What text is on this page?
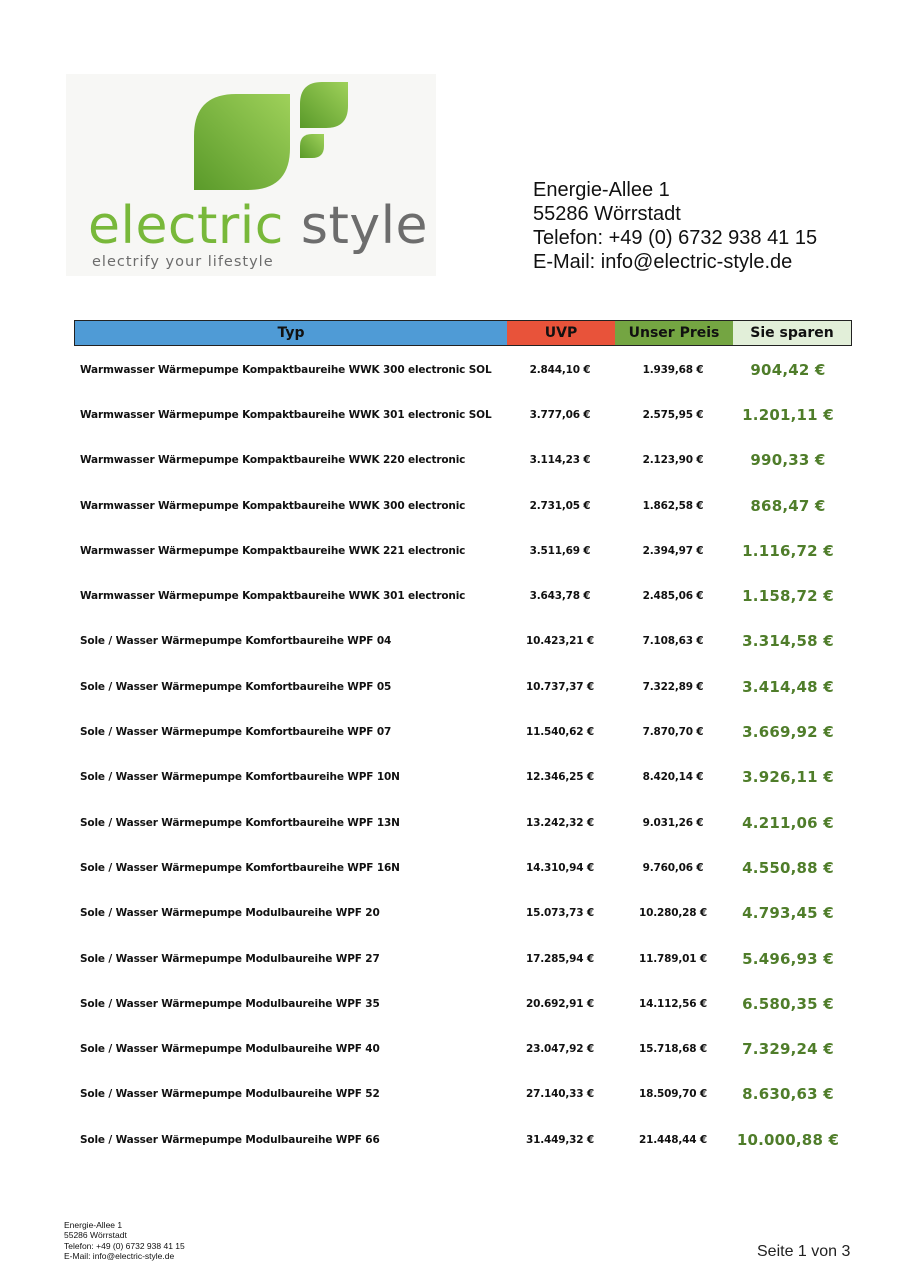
electric style
electrify your lifestyle
Energie-Allee 1
55286 Wörrstadt
Telefon: +49 (0) 6732 938 41 15
E-Mail: info@electric-style.de
Typ	UVP	Unser Preis	Sie sparen
Warmwasser Wärmepumpe Kompaktbaureihe WWK 300 electronic SOL	2.844,10 €	1.939,68 €	904,42 €
Warmwasser Wärmepumpe Kompaktbaureihe WWK 301 electronic SOL	3.777,06 €	2.575,95 €	1.201,11 €
Warmwasser Wärmepumpe Kompaktbaureihe WWK 220 electronic	3.114,23 €	2.123,90 €	990,33 €
Warmwasser Wärmepumpe Kompaktbaureihe WWK 300 electronic	2.731,05 €	1.862,58 €	868,47 €
Warmwasser Wärmepumpe Kompaktbaureihe WWK 221 electronic	3.511,69 €	2.394,97 €	1.116,72 €
Warmwasser Wärmepumpe Kompaktbaureihe WWK 301 electronic	3.643,78 €	2.485,06 €	1.158,72 €
Sole / Wasser Wärmepumpe Komfortbaureihe WPF 04	10.423,21 €	7.108,63 €	3.314,58 €
Sole / Wasser Wärmepumpe Komfortbaureihe WPF 05	10.737,37 €	7.322,89 €	3.414,48 €
Sole / Wasser Wärmepumpe Komfortbaureihe WPF 07	11.540,62 €	7.870,70 €	3.669,92 €
Sole / Wasser Wärmepumpe Komfortbaureihe WPF 10N	12.346,25 €	8.420,14 €	3.926,11 €
Sole / Wasser Wärmepumpe Komfortbaureihe WPF 13N	13.242,32 €	9.031,26 €	4.211,06 €
Sole / Wasser Wärmepumpe Komfortbaureihe WPF 16N	14.310,94 €	9.760,06 €	4.550,88 €
Sole / Wasser Wärmepumpe Modulbaureihe WPF 20	15.073,73 €	10.280,28 €	4.793,45 €
Sole / Wasser Wärmepumpe Modulbaureihe WPF 27	17.285,94 €	11.789,01 €	5.496,93 €
Sole / Wasser Wärmepumpe Modulbaureihe WPF 35	20.692,91 €	14.112,56 €	6.580,35 €
Sole / Wasser Wärmepumpe Modulbaureihe WPF 40	23.047,92 €	15.718,68 €	7.329,24 €
Sole / Wasser Wärmepumpe Modulbaureihe WPF 52	27.140,33 €	18.509,70 €	8.630,63 €
Sole / Wasser Wärmepumpe Modulbaureihe WPF 66	31.449,32 €	21.448,44 €	10.000,88 €
Energie-Allee 1
55286 Wörrstadt
Telefon: +49 (0) 6732 938 41 15
E-Mail: info@electric-style.de	Seite 1 von 3
